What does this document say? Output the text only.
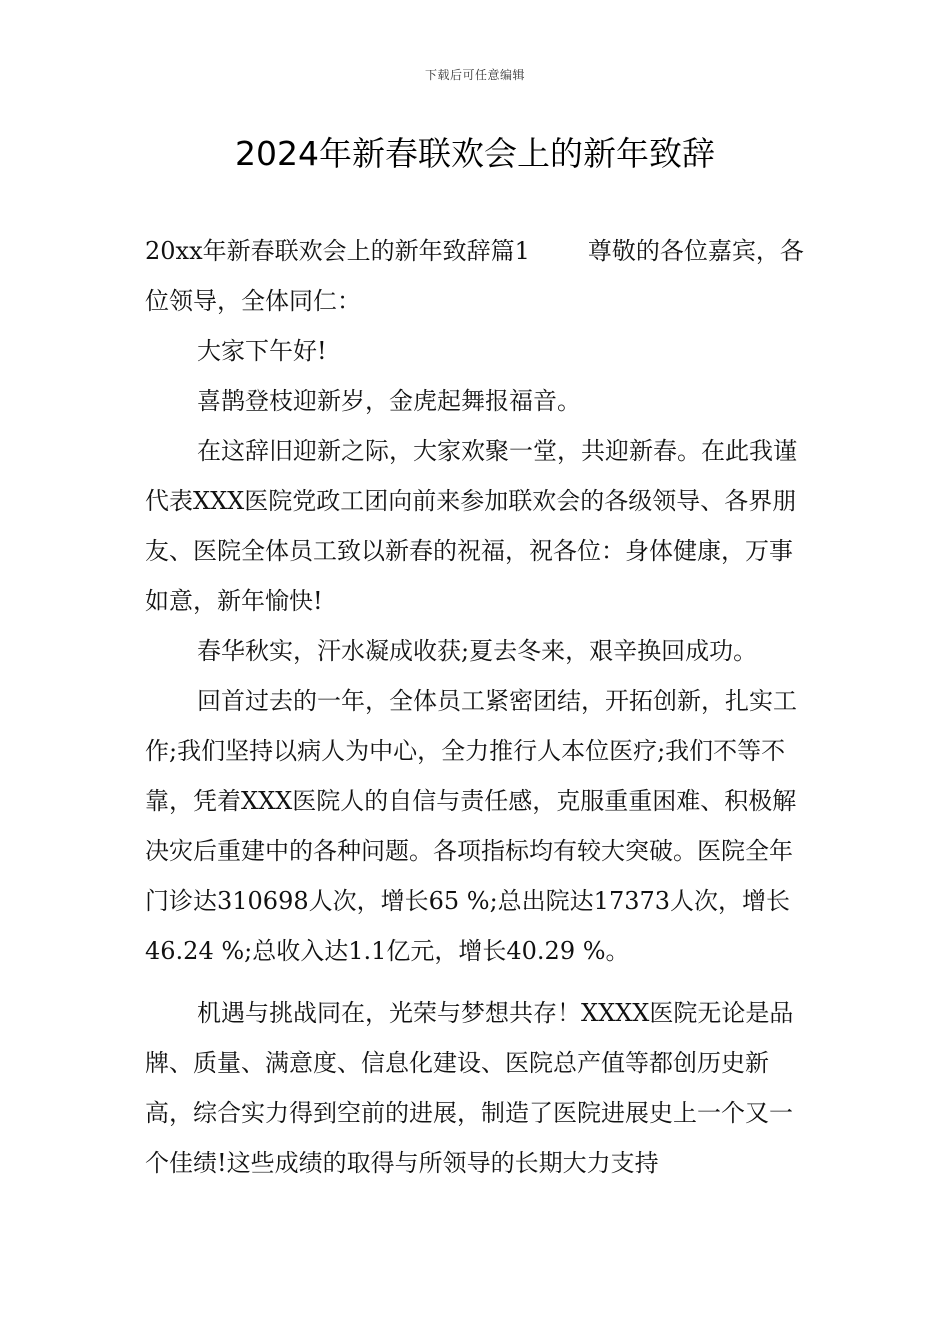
下载后可任意编辑
2024年新春联欢会上的新年致辞

20xx年新春联欢会上的新年致辞篇1 尊敬的各位嘉宾，各位领导，全体同仁：

大家下午好!

喜鹊登枝迎新岁，金虎起舞报福音。

在这辞旧迎新之际，大家欢聚一堂，共迎新春。在此我谨代表XXX医院党政工团向前来参加联欢会的各级领导、各界朋友、医院全体员工致以新春的祝福，祝各位：身体健康，万事如意，新年愉快!

春华秋实，汗水凝成收获;夏去冬来，艰辛换回成功。

回首过去的一年，全体员工紧密团结，开拓创新，扎实工作;我们坚持以病人为中心，全力推行人本位医疗;我们不等不靠，凭着XXX医院人的自信与责任感，克服重重困难、积极解决灾后重建中的各种问题。各项指标均有较大突破。医院全年门诊达310698人次，增长65 %;总出院达17373人次，增长46.24 %;总收入达1.1亿元，增长40.29 %。

机遇与挑战同在，光荣与梦想共存！XXXX医院无论是品牌、质量、满意度、信息化建设、医院总产值等都创历史新高，综合实力得到空前的进展，制造了医院进展史上一个又一个佳绩!这些成绩的取得与所领导的长期大力支持
